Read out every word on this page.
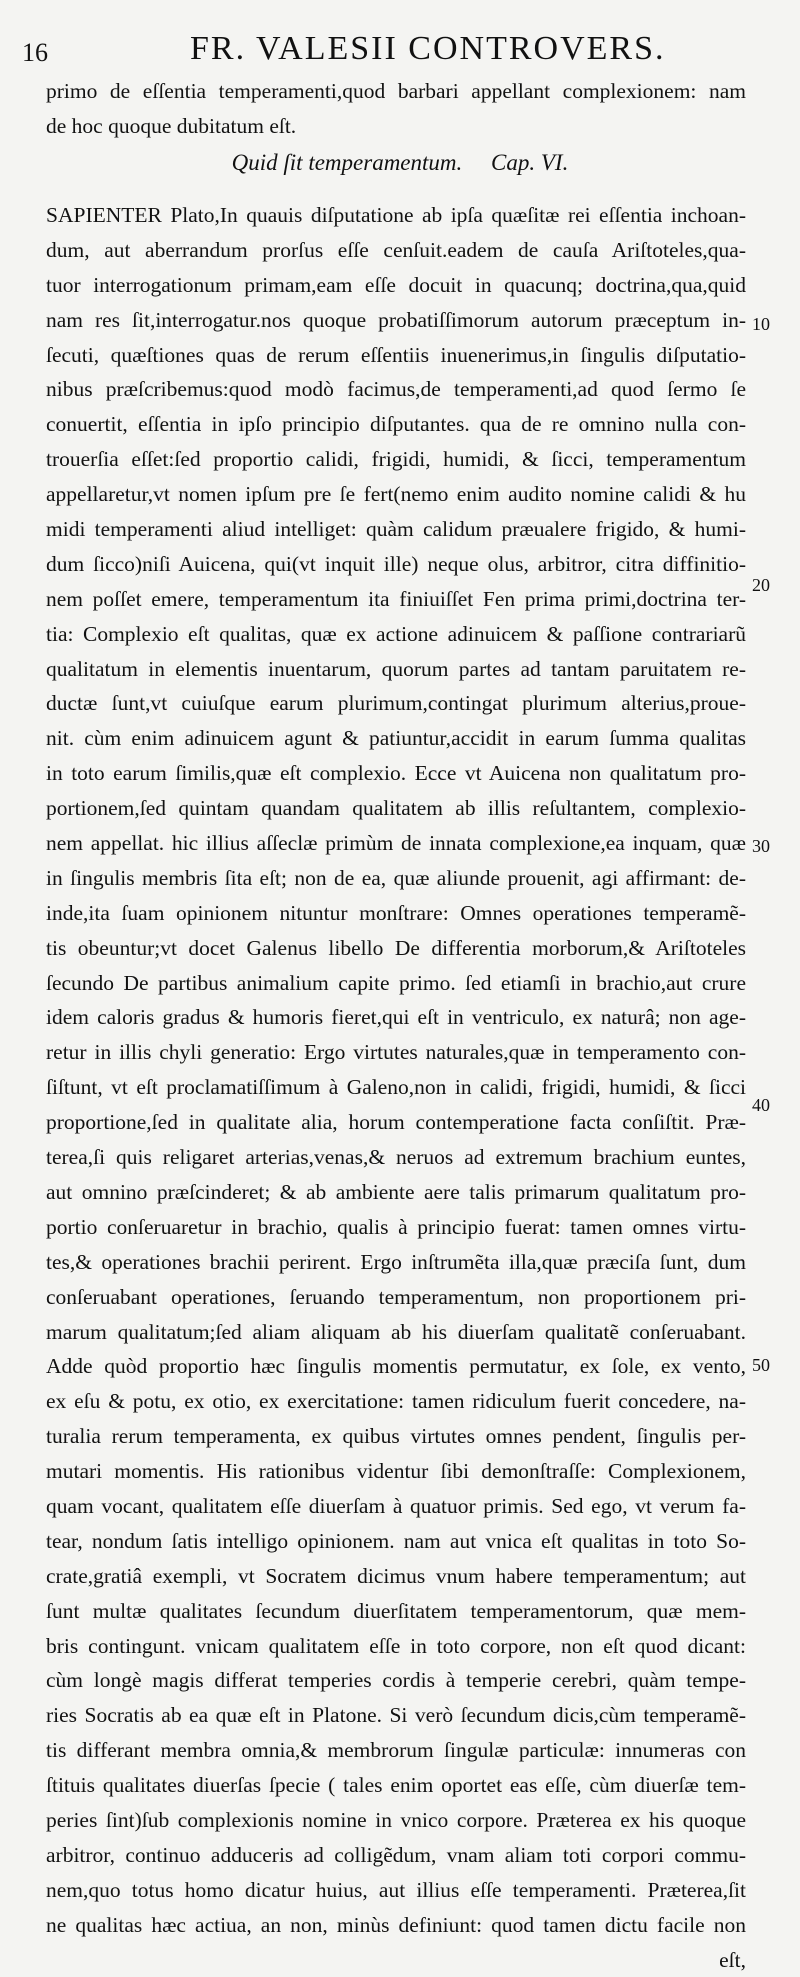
16	FR. VALESII CONTROVERS.
primo de eſſentia temperamenti,quod barbari appellant complexionem: nam
de hoc quoque dubitatum eſt.
Quid ſit temperamentum. Cap. VI.
SAPIENTER Plato,In quauis diſputatione ab ipſa quæſitæ rei eſſentia inchoan-
dum, aut aberrandum prorſus eſſe cenſuit.eadem de cauſa Ariſtoteles,qua-
tuor interrogationum primam,eam eſſe docuit in quacunq; doctrina,qua,quid
nam res ſit,interrogatur.nos quoque probatiſſimorum autorum præceptum in-
ſecuti, quæſtiones quas de rerum eſſentiis inuenerimus,in ſingulis diſputatio-
nibus præſcribemus:quod modò facimus,de temperamenti,ad quod ſermo ſe
conuertit, eſſentia in ipſo principio diſputantes. qua de re omnino nulla con-
trouerſia eſſet:ſed proportio calidi, frigidi, humidi, & ſicci, temperamentum
appellaretur,vt nomen ipſum pre ſe fert(nemo enim audito nomine calidi & hu
midi temperamenti aliud intelliget: quàm calidum præualere frigido, & humi-
dum ſicco)niſi Auicena, qui(vt inquit ille) neque olus, arbitror, citra diffinitio-
nem poſſet emere, temperamentum ita finiuiſſet Fen prima primi,doctrina ter-
tia: Complexio eſt qualitas, quæ ex actione adinuicem & paſſione contrariarũ
qualitatum in elementis inuentarum, quorum partes ad tantam paruitatem re-
ductæ ſunt,vt cuiuſque earum plurimum,contingat plurimum alterius,proue-
nit. cùm enim adinuicem agunt & patiuntur,accidit in earum ſumma qualitas
in toto earum ſimilis,quæ eſt complexio. Ecce vt Auicena non qualitatum pro-
portionem,ſed quintam quandam qualitatem ab illis reſultantem, complexio-
nem appellat. hic illius aſſeclæ primùm de innata complexione,ea inquam, quæ
in ſingulis membris ſita eſt; non de ea, quæ aliunde prouenit, agi affirmant: de-
inde,ita ſuam opinionem nituntur monſtrare: Omnes operationes temperamẽ-
tis obeuntur;vt docet Galenus libello De differentia morborum,& Ariſtoteles
ſecundo De partibus animalium capite primo. ſed etiamſi in brachio,aut crure
idem caloris gradus & humoris fieret,qui eſt in ventriculo, ex naturâ; non age-
retur in illis chyli generatio: Ergo virtutes naturales,quæ in temperamento con-
ſiſtunt, vt eſt proclamatiſſimum à Galeno,non in calidi, frigidi, humidi, & ſicci
proportione,ſed in qualitate alia, horum contemperatione facta conſiſtit. Præ-
terea,ſi quis religaret arterias,venas,& neruos ad extremum brachium euntes,
aut omnino præſcinderet; & ab ambiente aere talis primarum qualitatum pro-
portio conſeruaretur in brachio, qualis à principio fuerat: tamen omnes virtu-
tes,& operationes brachii perirent. Ergo inſtrumẽta illa,quæ præciſa ſunt, dum
conſeruabant operationes, ſeruando temperamentum, non proportionem pri-
marum qualitatum;ſed aliam aliquam ab his diuerſam qualitatẽ conſeruabant.
Adde quòd proportio hæc ſingulis momentis permutatur, ex ſole, ex vento,
ex eſu & potu, ex otio, ex exercitatione: tamen ridiculum fuerit concedere, na-
turalia rerum temperamenta, ex quibus virtutes omnes pendent, ſingulis per-
mutari momentis. His rationibus videntur ſibi demonſtraſſe: Complexionem,
quam vocant, qualitatem eſſe diuerſam à quatuor primis. Sed ego, vt verum fa-
tear, nondum ſatis intelligo opinionem. nam aut vnica eſt qualitas in toto So-
crate,gratiâ exempli, vt Socratem dicimus vnum habere temperamentum; aut
ſunt multæ qualitates ſecundum diuerſitatem temperamentorum, quæ mem-
bris contingunt. vnicam qualitatem eſſe in toto corpore, non eſt quod dicant:
cùm longè magis differat temperies cordis à temperie cerebri, quàm tempe-
ries Socratis ab ea quæ eſt in Platone. Si verò ſecundum dicis,cùm temperamẽ-
tis differant membra omnia,& membrorum ſingulæ particulæ: innumeras con
ſtituis qualitates diuerſas ſpecie ( tales enim oportet eas eſſe, cùm diuerſæ tem-
peries ſint)ſub complexionis nomine in vnico corpore. Præterea ex his quoque
arbitror, continuo adduceris ad colligẽdum, vnam aliam toti corpori commu-
nem,quo totus homo dicatur huius, aut illius eſſe temperamenti. Præterea,ſit
ne qualitas hæc actiua, an non, minùs definiunt: quod tamen dictu facile non
eſt,
10
20
30
40
50
